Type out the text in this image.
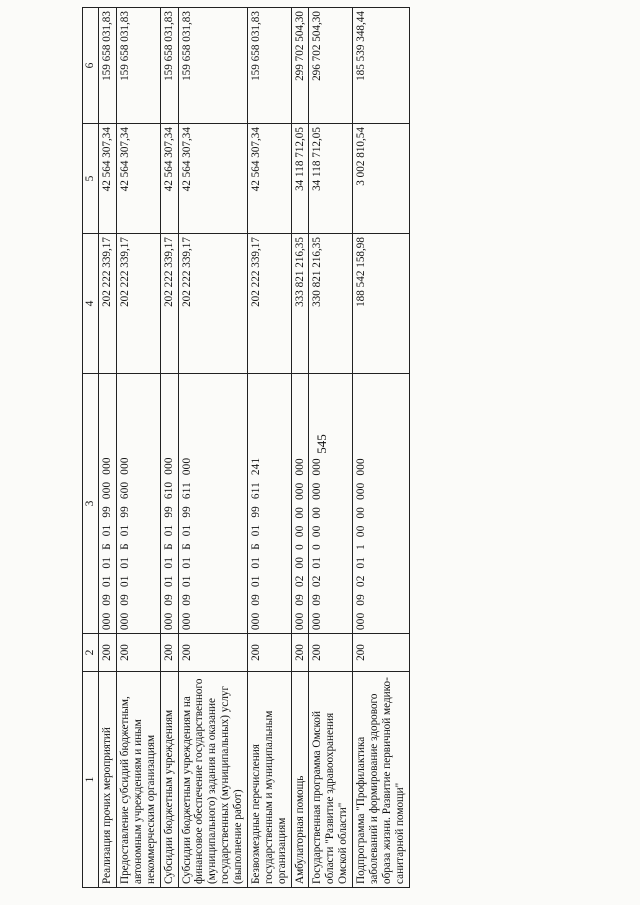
545
1	2	3	4	5	6
Реализация прочих мероприятий	200	000 09 01 01 Б 01 99 000 000	202 222 339,17	42 564 307,34	159 658 031,83
Предоставление субсидий бюджетным, автономным учреждениям и иным некоммерческим организациям	200	000 09 01 01 Б 01 99 600 000	202 222 339,17	42 564 307,34	159 658 031,83
Субсидии бюджетным учреждениям	200	000 09 01 01 Б 01 99 610 000	202 222 339,17	42 564 307,34	159 658 031,83
Субсидии бюджетным учреждениям на финансовое обеспечение государственного (муниципального) задания на оказание государственных (муниципальных) услуг (выполнение работ)	200	000 09 01 01 Б 01 99 611 000	202 222 339,17	42 564 307,34	159 658 031,83
Безвозмездные перечисления государственным и муниципальным организациям	200	000 09 01 01 Б 01 99 611 241	202 222 339,17	42 564 307,34	159 658 031,83
Амбулаторная помощь	200	000 09 02 00 0 00 00 000 000	333 821 216,35	34 118 712,05	299 702 504,30
Государственная программа Омской области "Развитие здравоохранения Омской области"	200	000 09 02 01 0 00 00 000 000	330 821 216,35	34 118 712,05	296 702 504,30
Подпрограмма "Профилактика заболеваний и формирование здорового образа жизни. Развитие первичной медико-санитарной помощи"	200	000 09 02 01 1 00 00 000 000	188 542 158,98	3 002 810,54	185 539 348,44
